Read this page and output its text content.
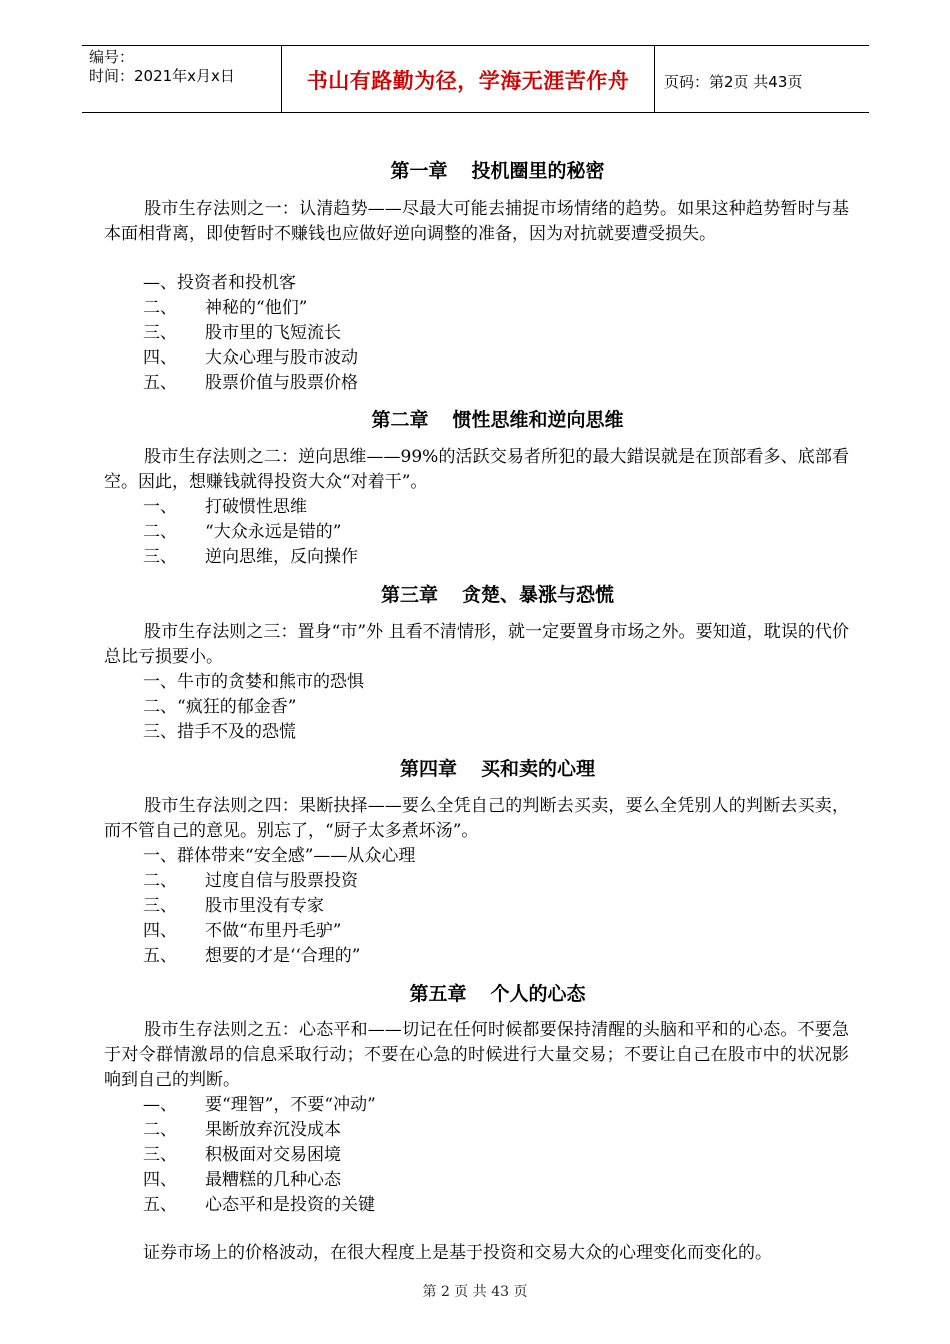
编号：
时间：2021年x月x日	书山有路勤为径，学海无涯苦作舟	页码：第2页 共43页
第一章 投机圈里的秘密
股市生存法则之一：认清趋势——尽最大可能去捕捉市场情绪的趋势。如果这种趋势暂时与基本面相背离，即使暂时不赚钱也应做好逆向调整的准备，因为对抗就要遭受损失。
—、投资者和投机客
二、 神秘的“他们”
三、 股市里的飞短流长
四、 大众心理与股市波动
五、 股票价值与股票价格
第二章 惯性思维和逆向思维
股市生存法则之二：逆向思维——99%的活跃交易者所犯的最大錯误就是在顶部看多、底部看空。因此，想赚钱就得投资大众“对着干”。
一、 打破惯性思维
二、 “大众永远是错的”
三、 逆向思维，反向操作
第三章 贪楚、暴涨与恐慌
股市生存法则之三：置身“市”外 且看不清情形，就一定要置身市场之外。要知道，耽误的代价总比亏损要小。
一、牛市的贪婪和熊市的恐惧
二、“疯狂的郁金香”
三、措手不及的恐慌
第四章 买和卖的心理
股市生存法则之四：果断抉择——要么全凭自己的判断去买卖，要么全凭别人的判断去买卖，而不管自己的意见。别忘了，“厨子太多煮坏汤”。
一、群体带来“安全感”——从众心理
二、 过度自信与股票投资
三、 股市里没有专家
四、 不做“布里丹毛驴”
五、 想要的才是‘‘合理的”
第五章 个人的心态
股市生存法则之五：心态平和——切记在任何时候都要保持清醒的头脑和平和的心态。不要急于对令群情激昂的信息采取行动；不要在心急的时候进行大量交易；不要让自己在股市中的状况影响到自己的判断。
—、 要“理智”，不要“冲动”
二、 果断放弃沉没成本
三、 积极面对交易困境
四、 最糟糕的几种心态
五、 心态平和是投资的关键
证券市场上的价格波动，在很大程度上是基于投资和交易大众的心理变化而变化的。
第 2 页 共 43 页
